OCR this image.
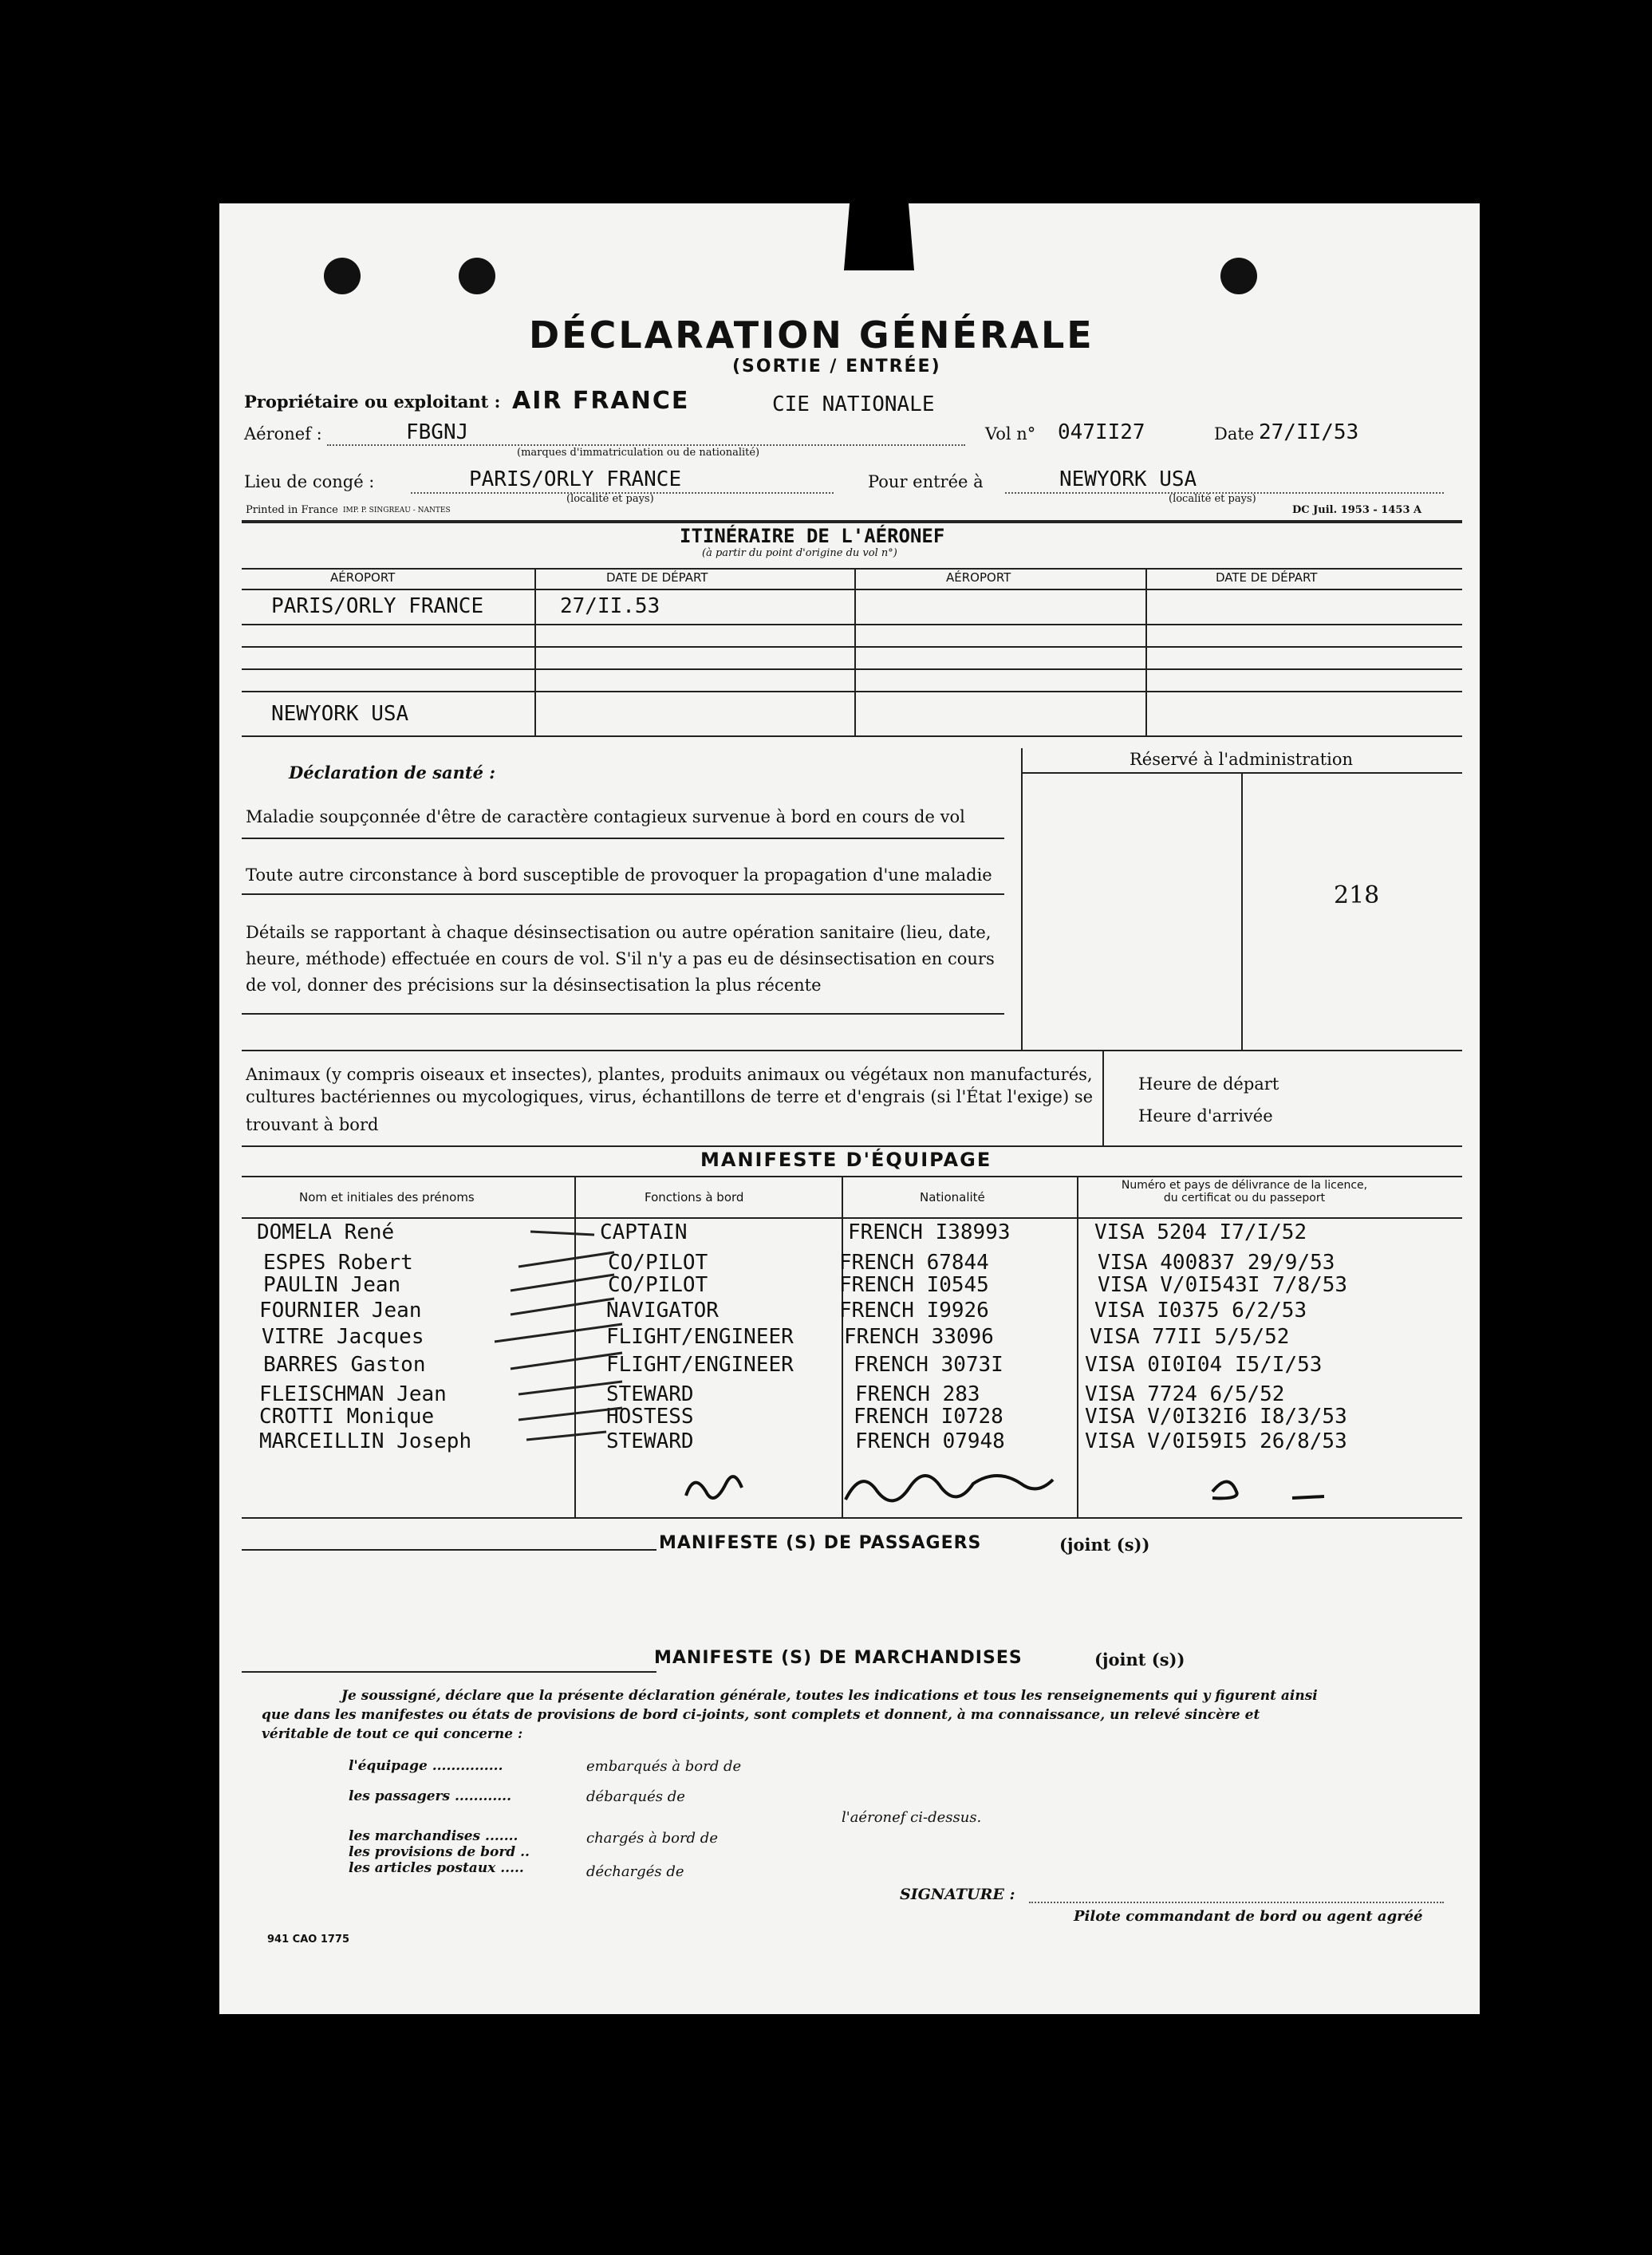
DÉCLARATION GÉNÉRALE
(SORTIE / ENTRÉE)
Propriétaire ou exploitant : AIR FRANCE	CIE NATIONALE
Aéronef :	FBGNJ
(marques d'immatriculation ou de nationalité)
Vol n° 047II27	Date 27/II/53
Lieu de congé :	PARIS/ORLY FRANCE
(localité et pays)
Pour entrée à	NEWYORK USA
(localité et pays)
Printed in France IMP. P. SINGREAU - NANTES	DC Juil. 1953 - 1453 A
ITINÉRAIRE DE L'AÉRONEF
(à partir du point d'origine du vol n°)
AÉROPORT	DATE DE DÉPART	AÉROPORT	DATE DE DÉPART
PARIS/ORLY FRANCE	27/II.53
NEWYORK USA
Déclaration de santé :
Maladie soupçonnée d'être de caractère contagieux survenue à bord en cours de vol
Toute autre circonstance à bord susceptible de provoquer la propagation d'une maladie
Détails se rapportant à chaque désinsectisation ou autre opération sanitaire (lieu, date,
heure, méthode) effectuée en cours de vol. S'il n'y a pas eu de désinsectisation en cours
de vol, donner des précisions sur la désinsectisation la plus récente
Réservé à l'administration
218
Animaux (y compris oiseaux et insectes), plantes, produits animaux ou végétaux non manufacturés,
cultures bactériennes ou mycologiques, virus, échantillons de terre et d'engrais (si l'État l'exige) se
trouvant à bord
Heure de départ
Heure d'arrivée
MANIFESTE D'ÉQUIPAGE
Nom et initiales des prénoms	Fonctions à bord	Nationalité
Numéro et pays de délivrance de la licence, du certificat ou du passeport
DOMELA René	CAPTAIN	FRENCH I38993	VISA 5204 I7/I/52
ESPES Robert	CO/PILOT	FRENCH 67844	VISA 400837 29/9/53
PAULIN Jean	CO/PILOT	FRENCH I0545	VISA V/0I543I 7/8/53
FOURNIER Jean	NAVIGATOR	FRENCH I9926	VISA I0375 6/2/53
VITRE Jacques	FLIGHT/ENGINEER FRENCH 33096	VISA 77II 5/5/52
BARRES Gaston	FLIGHT/ENGINEER	FRENCH 3073I	VISA 0I0I04 I5/I/53
FLEISCHMAN Jean	STEWARD	FRENCH 283	VISA 7724 6/5/52
CROTTI Monique	HOSTESS	FRENCH I0728	VISA V/0I32I6 I8/3/53
MARCEILLIN Joseph	STEWARD	FRENCH 07948	VISA V/0I59I5 26/8/53
MANIFESTE (S) DE PASSAGERS	(joint (s))
MANIFESTE (S) DE MARCHANDISES	(joint (s))
Je soussigné, déclare que la présente déclaration générale, toutes les indications et tous les renseignements qui y figurent ainsi
que dans les manifestes ou états de provisions de bord ci-joints, sont complets et donnent, à ma connaissance, un relevé sincère et
véritable de tout ce qui concerne :
l'équipage ...............
les passagers ............
les marchandises .......
les provisions de bord ..
les articles postaux .....
embarqués à bord de
débarqués de
chargés à bord de
déchargés de
l'aéronef ci-dessus.
SIGNATURE :
Pilote commandant de bord ou agent agréé
941 CAO 1775
